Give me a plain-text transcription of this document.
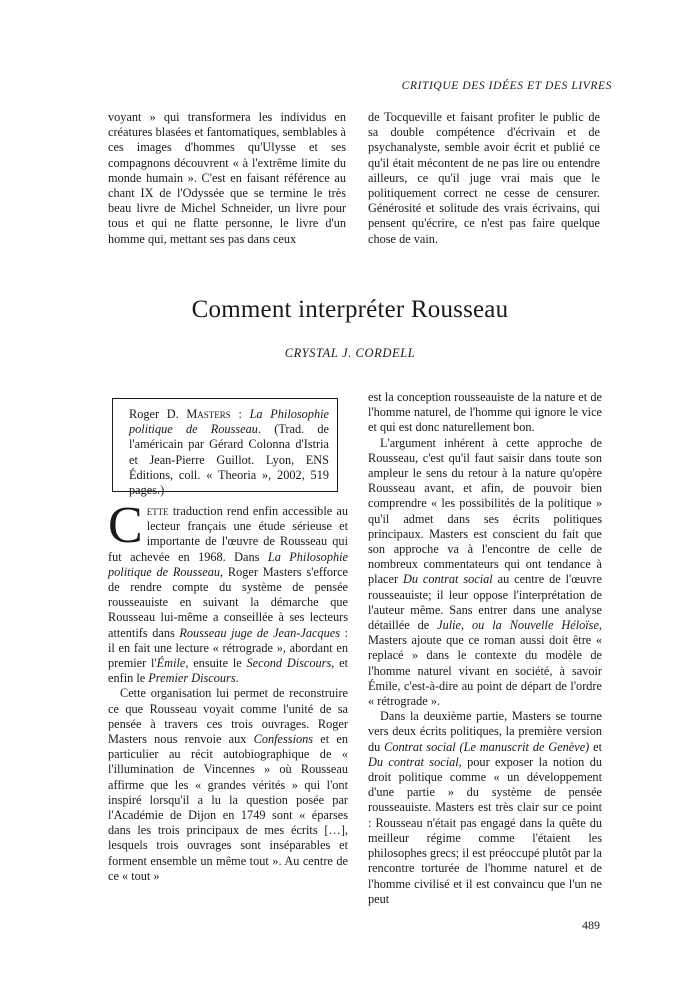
CRITIQUE DES IDÉES ET DES LIVRES

voyant » qui transformera les individus en créatures blasées et fantomatiques, semblables à ces images d'hommes qu'Ulysse et ses compagnons découvrent « à l'extrême limite du monde humain ». C'est en faisant référence au chant IX de l'Odyssée que se termine le très beau livre de Michel Schneider, un livre pour tous et qui ne flatte personne, le livre d'un homme qui, mettant ses pas dans ceux

de Tocqueville et faisant profiter le public de sa double compétence d'écrivain et de psychanalyste, semble avoir écrit et publié ce qu'il était mécontent de ne pas lire ou entendre ailleurs, ce qu'il juge vrai mais que le politiquement correct ne cesse de censurer. Générosité et solitude des vrais écrivains, qui pensent qu'écrire, ce n'est pas faire quelque chose de vain.

Comment interpréter Rousseau
CRYSTAL J. CORDELL
Roger D. Masters : La Philosophie politique de Rousseau. (Trad. de l'américain par Gérard Colonna d'Istria et Jean-Pierre Guillot. Lyon, ENS Éditions, coll. « Theoria », 2002, 519 pages.)

Cette traduction rend enfin accessible au lecteur français une étude sérieuse et importante de l'œuvre de Rousseau qui fut achevée en 1968. Dans La Philosophie politique de Rousseau, Roger Masters s'efforce de rendre compte du système de pensée rousseauiste en suivant la démarche que Rousseau lui-même a conseillée à ses lecteurs attentifs dans Rousseau juge de Jean-Jacques : il en fait une lecture « rétrograde », abordant en premier l'Émile, ensuite le Second Discours, et enfin le Premier Discours.

Cette organisation lui permet de reconstruire ce que Rousseau voyait comme l'unité de sa pensée à travers ces trois ouvrages. Roger Masters nous renvoie aux Confessions et en particulier au récit autobiographique de « l'illumination de Vincennes » où Rousseau affirme que les « grandes vérités » qui l'ont inspiré lorsqu'il a lu la question posée par l'Académie de Dijon en 1749 sont « éparses dans les trois principaux de mes écrits […], lesquels trois ouvrages sont inséparables et forment ensemble un même tout ». Au centre de ce « tout »

est la conception rousseauiste de la nature et de l'homme naturel, de l'homme qui ignore le vice et qui est donc naturellement bon.

L'argument inhérent à cette approche de Rousseau, c'est qu'il faut saisir dans toute son ampleur le sens du retour à la nature qu'opère Rousseau avant, et afin, de pouvoir bien comprendre « les possibilités de la politique » qu'il admet dans ses écrits politiques principaux. Masters est conscient du fait que son approche va à l'encontre de celle de nombreux commentateurs qui ont tendance à placer Du contrat social au centre de l'œuvre rousseauiste; il leur oppose l'interprétation de l'auteur même. Sans entrer dans une analyse détaillée de Julie, ou la Nouvelle Héloïse, Masters ajoute que ce roman aussi doit être « replacé » dans le contexte du modèle de l'homme naturel vivant en société, à savoir Émile, c'est-à-dire au point de départ de l'ordre « rétrograde ».

Dans la deuxième partie, Masters se tourne vers deux écrits politiques, la première version du Contrat social (Le manuscrit de Genève) et Du contrat social, pour exposer la notion du droit politique comme « un développement d'une partie » du système de pensée rousseauiste. Masters est très clair sur ce point : Rousseau n'était pas engagé dans la quête du meilleur régime comme l'étaient les philosophes grecs; il est préoccupé plutôt par la rencontre torturée de l'homme naturel et de l'homme civilisé et il est convaincu que l'un ne peut

489
